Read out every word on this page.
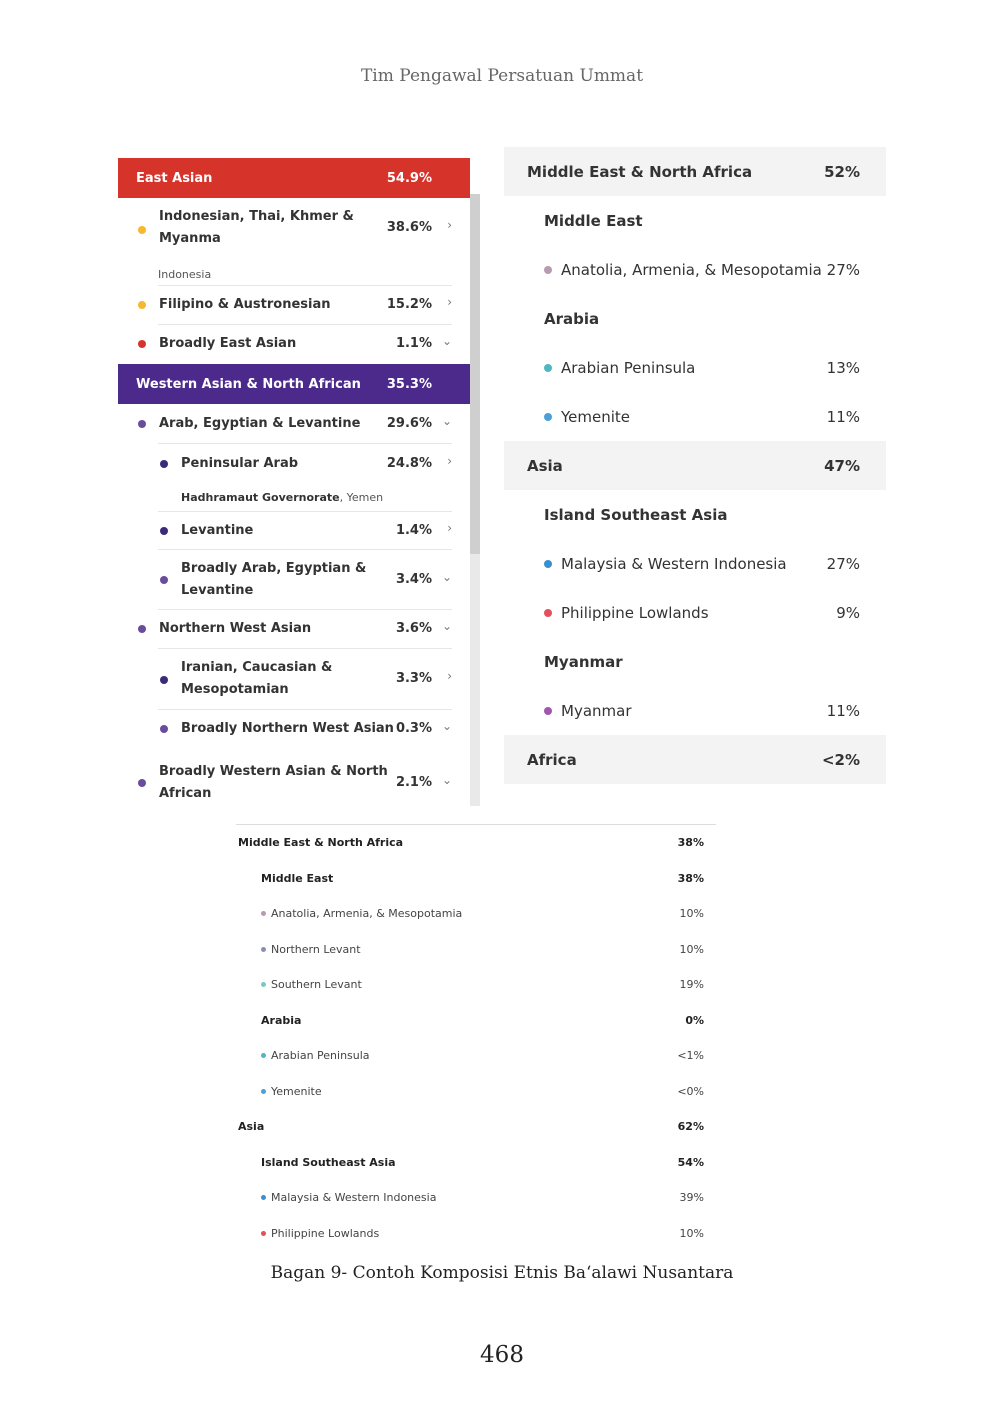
Tim Pengawal Persatuan Ummat
East Asian	54.9%
Indonesian, Thai, Khmer & Myanma
38.6% ›
Indonesia
Filipino & Austronesian	15.2% ›
Broadly East Asian	1.1% ⌄
Western Asian & North African 35.3%
Arab, Egyptian & Levantine 29.6% ⌄
Peninsular Arab	24.8% ›
Hadhramaut Governorate , Yemen
Levantine	1.4% ›
Broadly Arab, Egyptian & Levantine
3.4% ⌄
Northern West Asian	3.6% ⌄
Iranian, Caucasian & Mesopotamian
3.3% ›
Broadly Northern West Asian 0.3% ⌄
Broadly Western Asian & North African
2.1% ⌄
Middle East & North Africa	52%
Middle East
Anatolia, Armenia, & Mesopotamia 27%
Arabia
Arabian Peninsula	13%
Yemenite	11%
Asia	47%
Island Southeast Asia
Malaysia & Western Indonesia	27%
Philippine Lowlands	9%
Myanmar
Myanmar	11%
Africa	<2%
Middle East & North Africa	38%
Middle East	38%
Anatolia, Armenia, & Mesopotamia	10%
Northern Levant	10%
Southern Levant	19%
Arabia	0%
Arabian Peninsula	<1%
Yemenite	<0%
Asia	62%
Island Southeast Asia	54%
Malaysia & Western Indonesia	39%
Philippine Lowlands	10%
Bagan 9- Contoh Komposisi Etnis Ba‘alawi Nusantara
468
